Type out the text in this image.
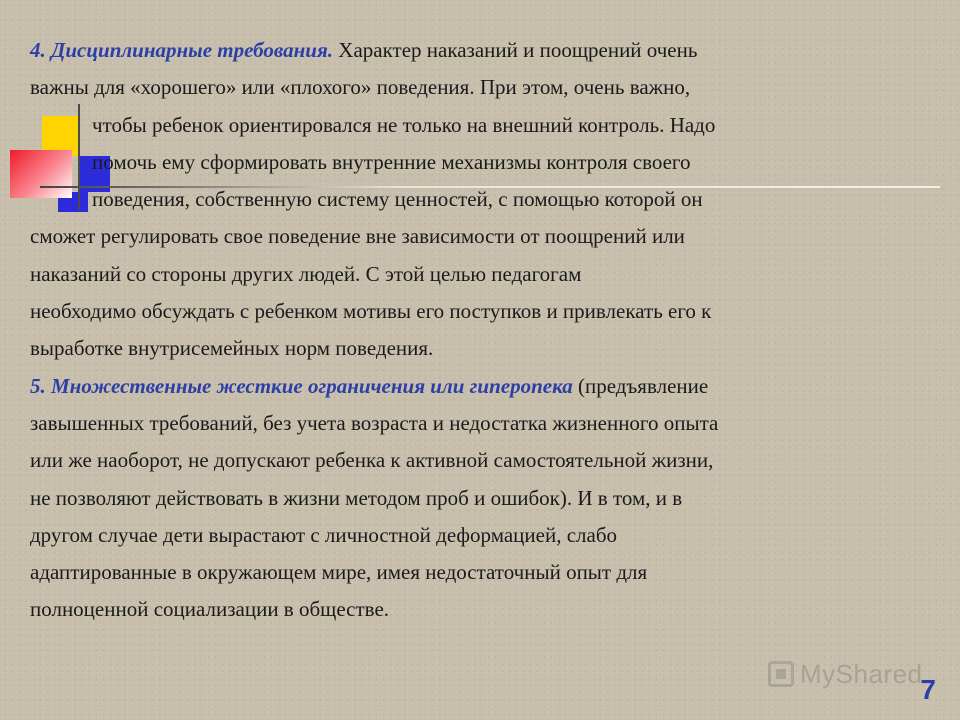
4. Дисциплинарные требования. Характер наказаний и поощрений очень
важны для «хорошего» или «плохого» поведения. При этом, очень важно,
чтобы ребенок ориентировался не только на внешний контроль. Надо
помочь ему сформировать внутренние механизмы контроля своего
поведения, собственную систему ценностей, с помощью которой он
сможет регулировать свое поведение вне зависимости от поощрений или
наказаний со стороны других людей. С этой целью педагогам
необходимо обсуждать с ребенком мотивы его поступков и привлекать его к
выработке внутрисемейных норм поведения.
5. Множественные жесткие ограничения или гиперопека (предъявление
завышенных требований, без учета возраста и недостатка жизненного опыта
или же наоборот, не допускают ребенка к активной самостоятельной жизни,
не позволяют действовать в жизни методом проб и ошибок). И в том, и в
другом случае дети вырастают с личностной деформацией, слабо
адаптированные в окружающем мире, имея недостаточный опыт для
полноценной социализации в обществе.
MyShared
7
